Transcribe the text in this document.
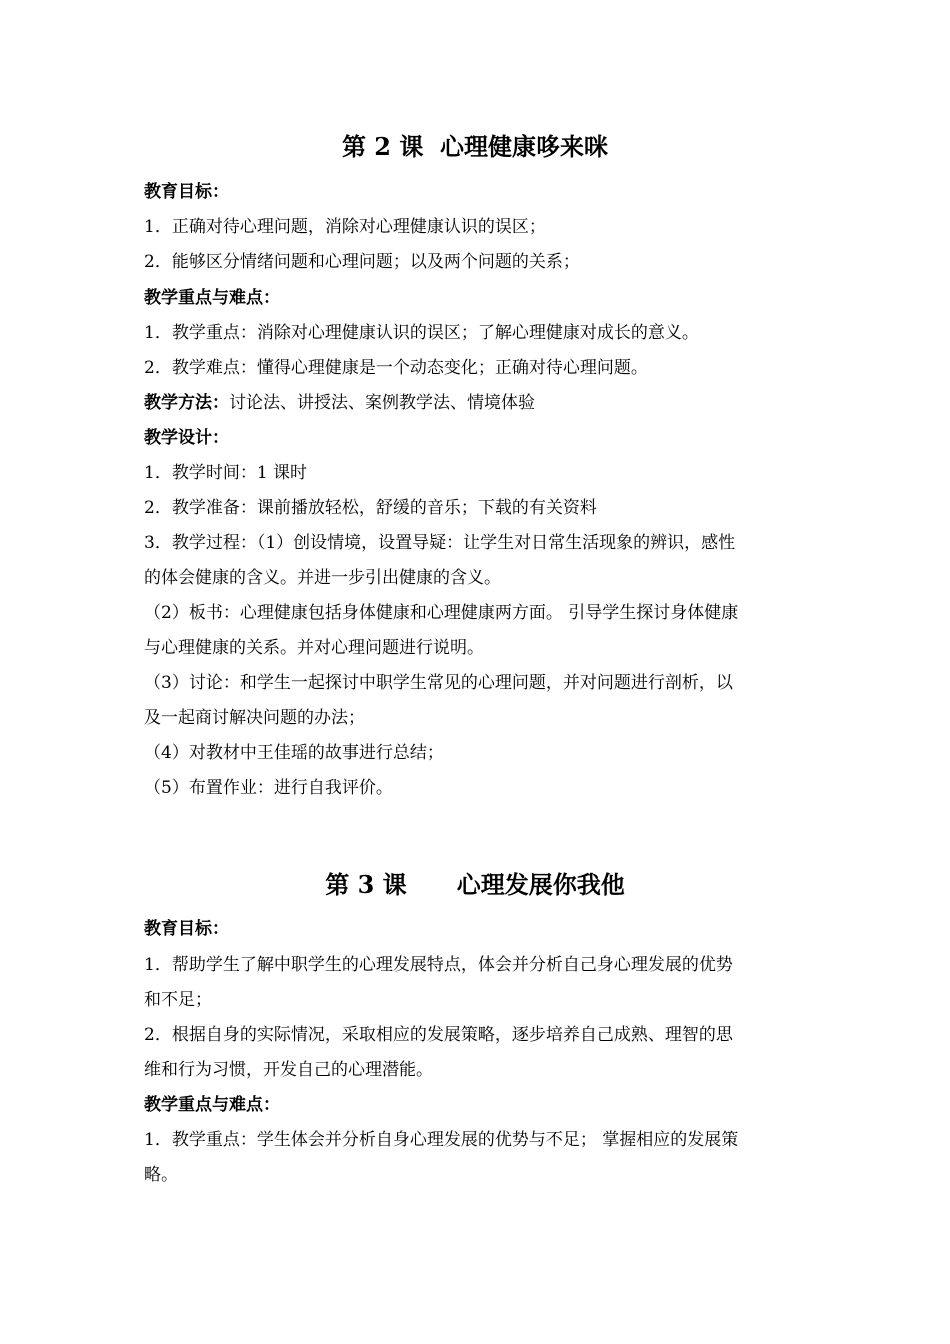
第 2 课  心理健康哆来咪
教育目标：
1．正确对待心理问题，消除对心理健康认识的误区；
2．能够区分情绪问题和心理问题；以及两个问题的关系；
教学重点与难点：
1．教学重点：消除对心理健康认识的误区；了解心理健康对成长的意义。
2．教学难点：懂得心理健康是一个动态变化；正确对待心理问题。
教学方法：讨论法、讲授法、案例教学法、情境体验
教学设计：
1．教学时间：1 课时
2．教学准备：课前播放轻松，舒缓的音乐；下载的有关资料
3．教学过程：（1）创设情境，设置导疑：让学生对日常生活现象的辨识，感性
的体会健康的含义。并进一步引出健康的含义。
（2）板书：心理健康包括身体健康和心理健康两方面。 引导学生探讨身体健康
与心理健康的关系。并对心理问题进行说明。
（3）讨论：和学生一起探讨中职学生常见的心理问题，并对问题进行剖析，以
及一起商讨解决问题的办法；
（4）对教材中王佳瑶的故事进行总结；
（5）布置作业：进行自我评价。
第 3 课      心理发展你我他
教育目标：
1．帮助学生了解中职学生的心理发展特点，体会并分析自己身心理发展的优势
和不足；
2．根据自身的实际情况，采取相应的发展策略，逐步培养自己成熟、理智的思
维和行为习惯，开发自己的心理潜能。
教学重点与难点：
1．教学重点：学生体会并分析自身心理发展的优势与不足； 掌握相应的发展策
略。
